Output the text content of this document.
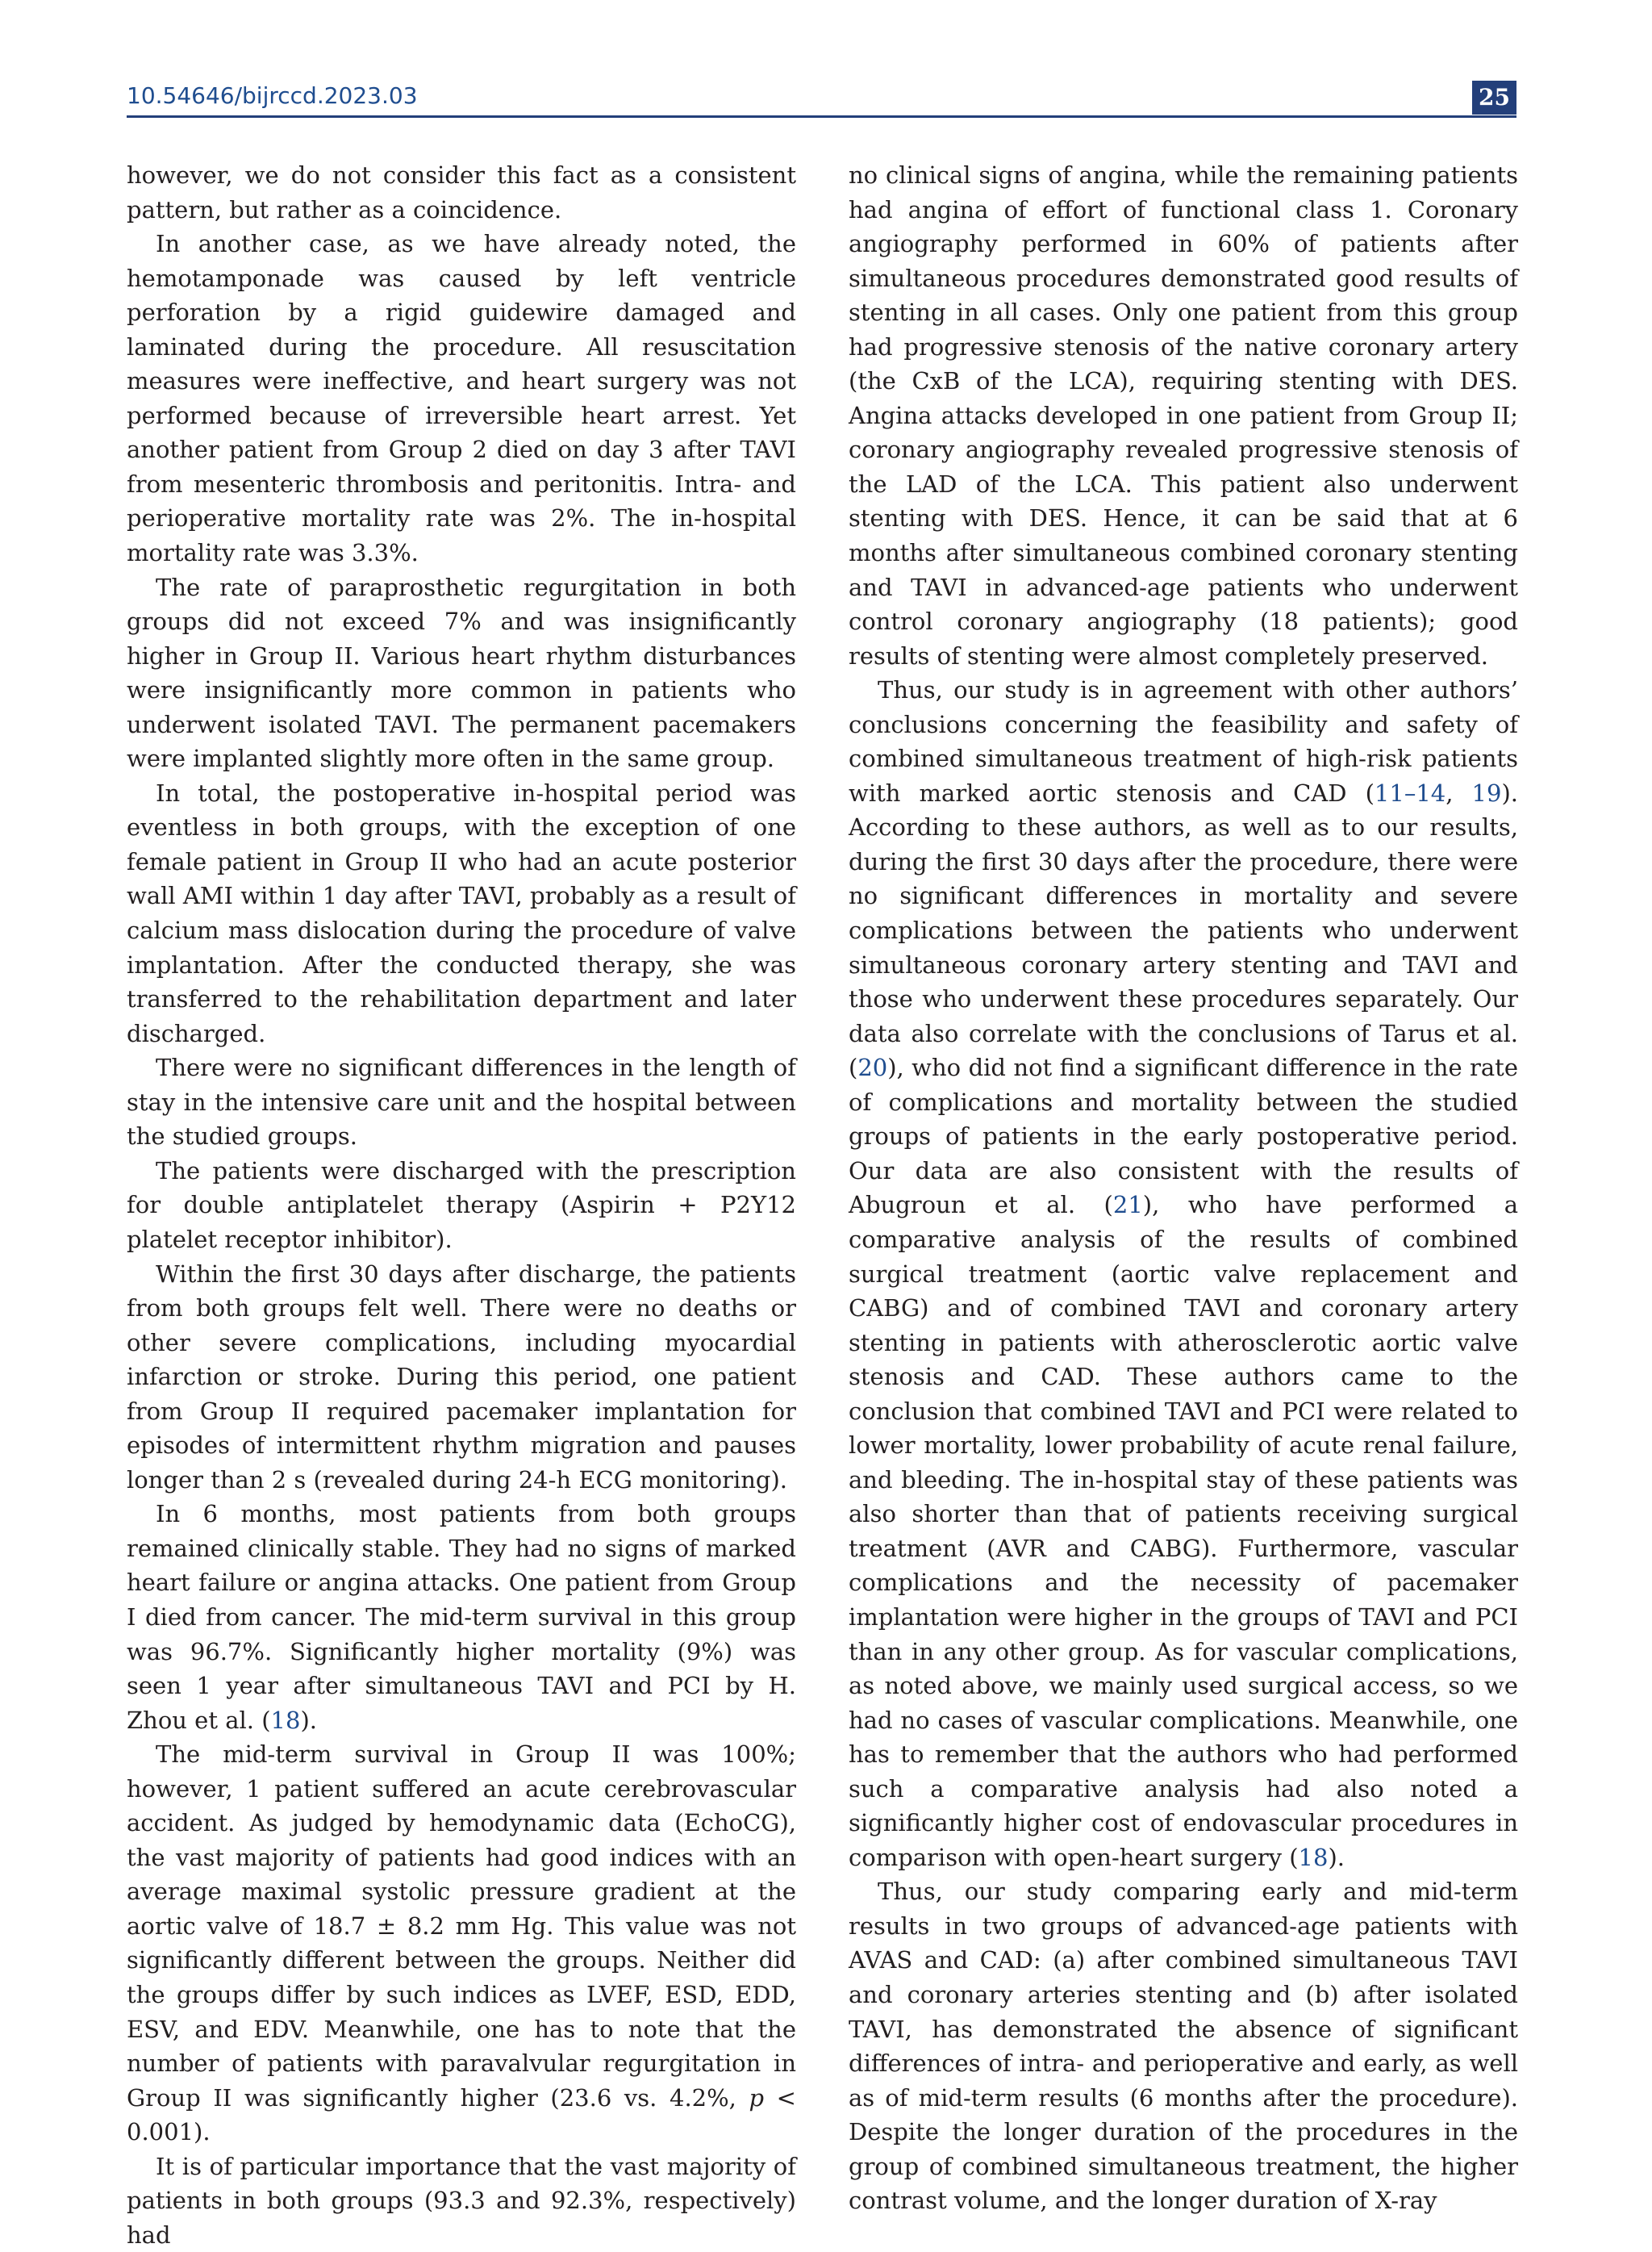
10.54646/bijrccd.2023.03	25

however, we do not consider this fact as a consistent pattern, but rather as a coincidence.

In another case, as we have already noted, the hemotamponade was caused by left ventricle perforation by a rigid guidewire damaged and laminated during the procedure. All resuscitation measures were ineffective, and heart surgery was not performed because of irreversible heart arrest. Yet another patient from Group 2 died on day 3 after TAVI from mesenteric thrombosis and peritonitis. Intra- and perioperative mortality rate was 2%. The in-hospital mortality rate was 3.3%.

The rate of paraprosthetic regurgitation in both groups did not exceed 7% and was insignificantly higher in Group II. Various heart rhythm disturbances were insignificantly more common in patients who underwent isolated TAVI. The permanent pacemakers were implanted slightly more often in the same group.

In total, the postoperative in-hospital period was eventless in both groups, with the exception of one female patient in Group II who had an acute posterior wall AMI within 1 day after TAVI, probably as a result of calcium mass dislocation during the procedure of valve implantation. After the conducted therapy, she was transferred to the rehabilitation department and later discharged.

There were no significant differences in the length of stay in the intensive care unit and the hospital between the studied groups.

The patients were discharged with the prescription for double antiplatelet therapy (Aspirin + P2Y12 platelet receptor inhibitor).

Within the first 30 days after discharge, the patients from both groups felt well. There were no deaths or other severe complications, including myocardial infarction or stroke. During this period, one patient from Group II required pacemaker implantation for episodes of intermittent rhythm migration and pauses longer than 2 s (revealed during 24-h ECG monitoring).

In 6 months, most patients from both groups remained clinically stable. They had no signs of marked heart failure or angina attacks. One patient from Group I died from cancer. The mid-term survival in this group was 96.7%. Significantly higher mortality (9%) was seen 1 year after simultaneous TAVI and PCI by H. Zhou et al. (18).

The mid-term survival in Group II was 100%; however, 1 patient suffered an acute cerebrovascular accident. As judged by hemodynamic data (EchoCG), the vast majority of patients had good indices with an average maximal systolic pressure gradient at the aortic valve of 18.7 ± 8.2 mm Hg. This value was not significantly different between the groups. Neither did the groups differ by such indices as LVEF, ESD, EDD, ESV, and EDV. Meanwhile, one has to note that the number of patients with paravalvular regurgitation in Group II was significantly higher (23.6 vs. 4.2%, p < 0.001).

It is of particular importance that the vast majority of patients in both groups (93.3 and 92.3%, respectively) had

no clinical signs of angina, while the remaining patients had angina of effort of functional class 1. Coronary angiography performed in 60% of patients after simultaneous procedures demonstrated good results of stenting in all cases. Only one patient from this group had progressive stenosis of the native coronary artery (the CxB of the LCA), requiring stenting with DES. Angina attacks developed in one patient from Group II; coronary angiography revealed progressive stenosis of the LAD of the LCA. This patient also underwent stenting with DES. Hence, it can be said that at 6 months after simultaneous combined coronary stenting and TAVI in advanced-age patients who underwent control coronary angiography (18 patients); good results of stenting were almost completely preserved.

Thus, our study is in agreement with other authors’ conclusions concerning the feasibility and safety of combined simultaneous treatment of high-risk patients with marked aortic stenosis and CAD (11–14, 19). According to these authors, as well as to our results, during the first 30 days after the procedure, there were no significant differences in mortality and severe complications between the patients who underwent simultaneous coronary artery stenting and TAVI and those who underwent these procedures separately. Our data also correlate with the conclusions of Tarus et al. (20), who did not find a significant difference in the rate of complications and mortality between the studied groups of patients in the early postoperative period. Our data are also consistent with the results of Abugroun et al. (21), who have performed a comparative analysis of the results of combined surgical treatment (aortic valve replacement and CABG) and of combined TAVI and coronary artery stenting in patients with atherosclerotic aortic valve stenosis and CAD. These authors came to the conclusion that combined TAVI and PCI were related to lower mortality, lower probability of acute renal failure, and bleeding. The in-hospital stay of these patients was also shorter than that of patients receiving surgical treatment (AVR and CABG). Furthermore, vascular complications and the necessity of pacemaker implantation were higher in the groups of TAVI and PCI than in any other group. As for vascular complications, as noted above, we mainly used surgical access, so we had no cases of vascular complications. Meanwhile, one has to remember that the authors who had performed such a comparative analysis had also noted a significantly higher cost of endovascular procedures in comparison with open-heart surgery (18).

Thus, our study comparing early and mid-term results in two groups of advanced-age patients with AVAS and CAD: (a) after combined simultaneous TAVI and coronary arteries stenting and (b) after isolated TAVI, has demonstrated the absence of significant differences of intra- and perioperative and early, as well as of mid-term results (6 months after the procedure). Despite the longer duration of the procedures in the group of combined simultaneous treatment, the higher contrast volume, and the longer duration of X-ray
